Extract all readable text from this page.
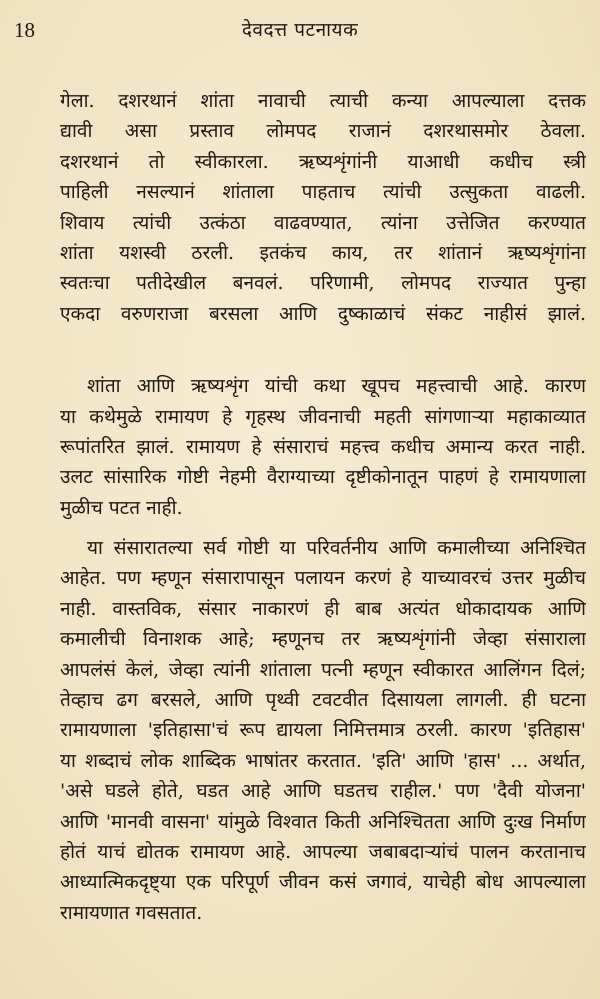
18	देवदत्त पटनायक
गेला. दशरथानं शांता नावाची त्याची कन्या आपल्याला दत्तक
द्यावी असा प्रस्ताव लोमपद राजानं दशरथासमोर ठेवला.
दशरथानं तो स्वीकारला. ऋष्यशृंगांनी याआधी कधीच स्त्री
पाहिली नसल्यानं शांताला पाहताच त्यांची उत्सुकता वाढली.
शिवाय त्यांची उत्कंठा वाढवण्यात, त्यांना उत्तेजित करण्यात
शांता यशस्वी ठरली. इतकंच काय, तर शांतानं ऋष्यशृंगांना
स्वतःचा पतीदेखील बनवलं. परिणामी, लोमपद राज्यात पुन्हा
एकदा वरुणराजा बरसला आणि दुष्काळाचं संकट नाहीसं झालं.
शांता आणि ऋष्यशृंग यांची कथा खूपच महत्त्वाची आहे. कारण
या कथेमुळे रामायण हे गृहस्थ जीवनाची महती सांगणाऱ्या महाकाव्यात
रूपांतरित झालं. रामायण हे संसाराचं महत्त्व कधीच अमान्य करत नाही.
उलट सांसारिक गोष्टी नेहमी वैराग्याच्या दृष्टीकोनातून पाहणं हे रामायणाला
मुळीच पटत नाही.
या संसारातल्या सर्व गोष्टी या परिवर्तनीय आणि कमालीच्या अनिश्चित
आहेत. पण म्हणून संसारापासून पलायन करणं हे याच्यावरचं उत्तर मुळीच
नाही. वास्तविक, संसार नाकारणं ही बाब अत्यंत धोकादायक आणि
कमालीची विनाशक आहे; म्हणूनच तर ऋष्यशृंगांनी जेव्हा संसाराला
आपलंसं केलं, जेव्हा त्यांनी शांताला पत्नी म्हणून स्वीकारत आलिंगन दिलं;
तेव्हाच ढग बरसले, आणि पृथ्वी टवटवीत दिसायला लागली. ही घटना
रामायणाला 'इतिहासा'चं रूप द्यायला निमित्तमात्र ठरली. कारण 'इतिहास'
या शब्दाचं लोक शाब्दिक भाषांतर करतात. 'इति' आणि 'हास' ... अर्थात,
'असे घडले होते, घडत आहे आणि घडतच राहील.' पण 'दैवी योजना'
आणि 'मानवी वासना' यांमुळे विश्वात किती अनिश्चितता आणि दुःख निर्माण
होतं याचं द्योतक रामायण आहे. आपल्या जबाबदाऱ्यांचं पालन करतानाच
आध्यात्मिकदृष्ट्या एक परिपूर्ण जीवन कसं जगावं, याचेही बोध आपल्याला
रामायणात गवसतात.
